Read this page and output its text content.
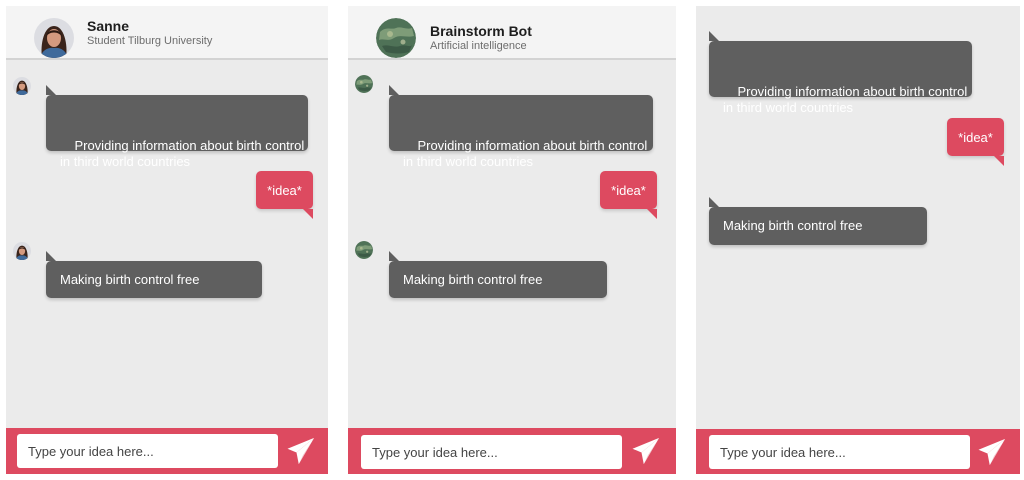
Sanne
Student Tilburg University

Providing information about birth control
in third world countries

*idea*
Making birth control free
Type your idea here...
Brainstorm Bot
Artificial intelligence

Providing information about birth control
in third world countries

*idea*
Making birth control free
Type your idea here...

Providing information about birth control
in third world countries

*idea*
Making birth control free
Type your idea here...
